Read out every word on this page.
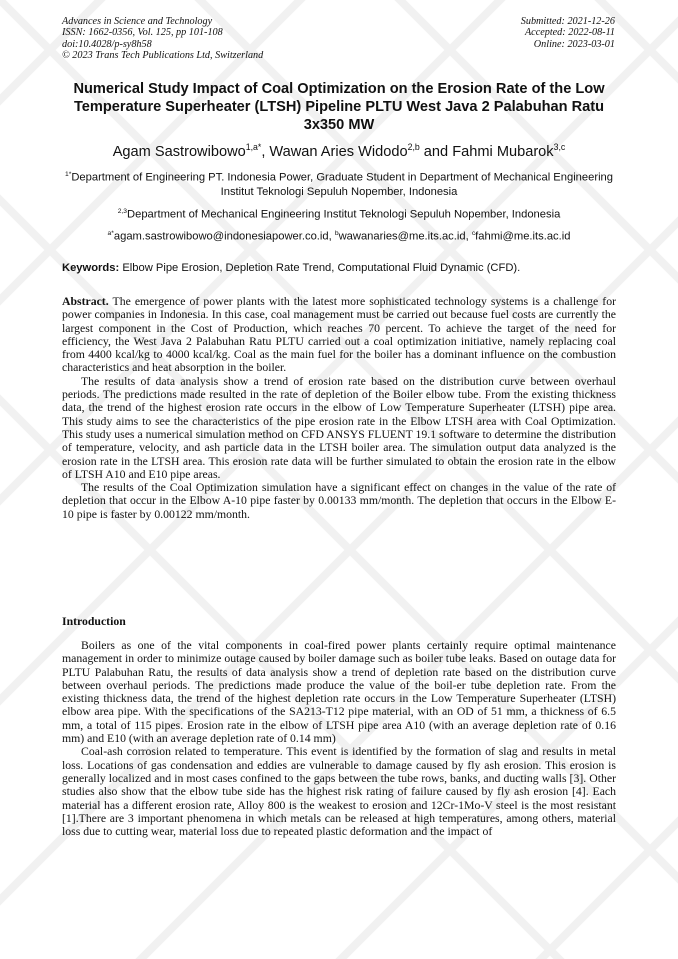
Advances in Science and Technology
ISSN: 1662-0356, Vol. 125, pp 101-108
doi:10.4028/p-sy8h58
© 2023 Trans Tech Publications Ltd, Switzerland
Submitted: 2021-12-26
Accepted: 2022-08-11
Online: 2023-03-01
Numerical Study Impact of Coal Optimization on the Erosion Rate of the Low Temperature Superheater (LTSH) Pipeline PLTU West Java 2 Palabuhan Ratu 3x350 MW
Agam Sastrowibowo$^{1,a*}$, Wawan Aries Widodo$^{2,b}$ and Fahmi Mubarok$^{3,c}$
$^{1*}$Department of Engineering PT. Indonesia Power, Graduate Student in Department of Mechanical Engineering Institut Teknologi Sepuluh Nopember, Indonesia
$^{2,3}$Department of Mechanical Engineering Institut Teknologi Sepuluh Nopember, Indonesia
$^{a*}$agam.sastrowibowo@indonesiapower.co.id, $^b$wawanaries@me.its.ac.id, $^c$fahmi@me.its.ac.id
Keywords: Elbow Pipe Erosion, Depletion Rate Trend, Computational Fluid Dynamic (CFD).

Abstract. The emergence of power plants with the latest more sophisticated technology systems is a challenge for power companies in Indonesia. In this case, coal management must be carried out because fuel costs are currently the largest component in the Cost of Production, which reaches 70 percent. To achieve the target of the need for efficiency, the West Java 2 Palabuhan Ratu PLTU carried out a coal optimization initiative, namely replacing coal from 4400 kcal/kg to 4000 kcal/kg. Coal as the main fuel for the boiler has a dominant influence on the combustion characteristics and heat absorption in the boiler.

The results of data analysis show a trend of erosion rate based on the distribution curve between overhaul periods. The predictions made resulted in the rate of depletion of the Boiler elbow tube. From the existing thickness data, the trend of the highest erosion rate occurs in the elbow of Low Temperature Superheater (LTSH) pipe area. This study aims to see the characteristics of the pipe erosion rate in the Elbow LTSH area with Coal Optimization. This study uses a numerical simulation method on CFD ANSYS FLUENT 19.1 software to determine the distribution of temperature, velocity, and ash particle data in the LTSH boiler area. The simulation output data analyzed is the erosion rate in the LTSH area. This erosion rate data will be further simulated to obtain the erosion rate in the elbow of LTSH A10 and E10 pipe areas.

The results of the Coal Optimization simulation have a significant effect on changes in the value of the rate of depletion that occur in the Elbow A-10 pipe faster by 0.00133 mm/month. The depletion that occurs in the Elbow E-10 pipe is faster by 0.00122 mm/month.

Introduction

Boilers as one of the vital components in coal-fired power plants certainly require optimal maintenance management in order to minimize outage caused by boiler damage such as boiler tube leaks. Based on outage data for PLTU Palabuhan Ratu, the results of data analysis show a trend of depletion rate based on the distribution curve between overhaul periods. The predictions made produce the value of the boil-er tube depletion rate. From the existing thickness data, the trend of the highest depletion rate occurs in the Low Temperature Superheater (LTSH) elbow area pipe. With the specifications of the SA213-T12 pipe material, with an OD of 51 mm, a thickness of 6.5 mm, a total of 115 pipes. Erosion rate in the elbow of LTSH pipe area A10 (with an average depletion rate of 0.16 mm) and E10 (with an average depletion rate of 0.14 mm)

Coal-ash corrosion related to temperature. This event is identified by the formation of slag and results in metal loss. Locations of gas condensation and eddies are vulnerable to damage caused by fly ash erosion. This erosion is generally localized and in most cases confined to the gaps between the tube rows, banks, and ducting walls [3]. Other studies also show that the elbow tube side has the highest risk rating of failure caused by fly ash erosion [4]. Each material has a different erosion rate, Alloy 800 is the weakest to erosion and 12Cr-1Mo-V steel is the most resistant [1].There are 3 important phenomena in which metals can be released at high temperatures, among others, material loss due to cutting wear, material loss due to repeated plastic deformation and the impact of
